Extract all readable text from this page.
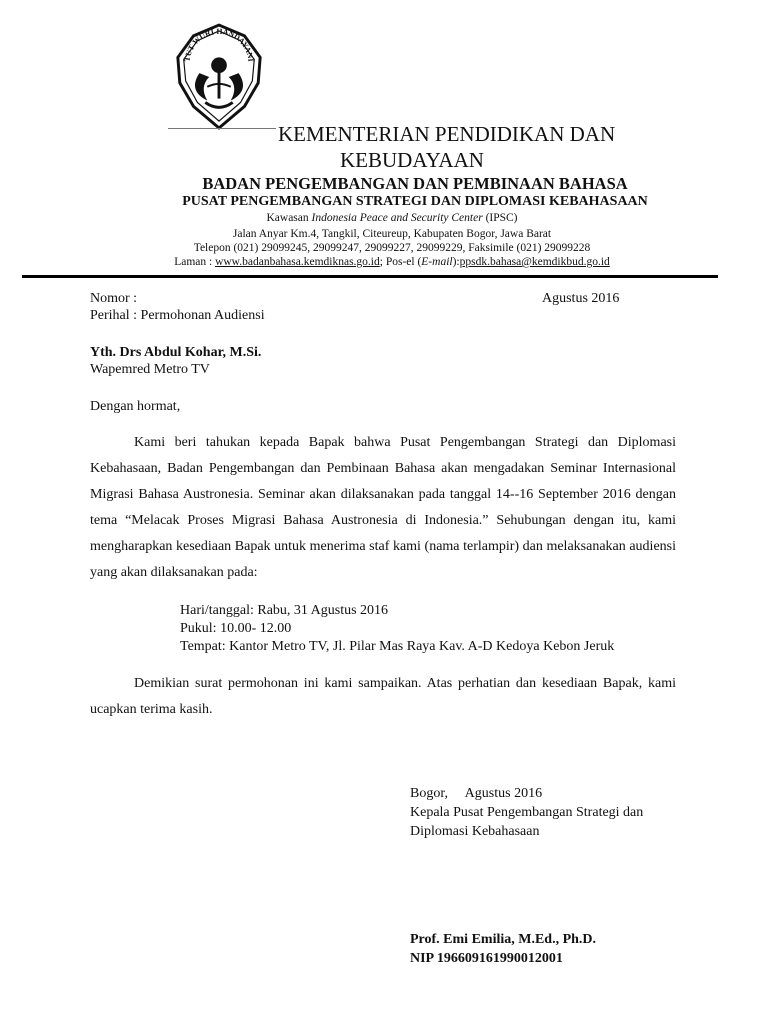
TUT WURI HANDAYANI
KEMENTERIAN PENDIDIKAN DAN
KEBUDAYAAN
BADAN PENGEMBANGAN DAN PEMBINAAN BAHASA
PUSAT PENGEMBANGAN STRATEGI DAN DIPLOMASI KEBAHASAAN
Kawasan Indonesia Peace and Security Center (IPSC)
Jalan Anyar Km.4, Tangkil, Citeureup, Kabupaten Bogor, Jawa Barat
Telepon (021) 29099245, 29099247, 29099227, 29099229, Faksimile (021) 29099228
Laman : www.badanbahasa.kemdiknas.go.id; Pos-el (E-mail):ppsdk.bahasa@kemdikbud.go.id
Nomor :	Agustus 2016
Perihal : Permohonan Audiensi
Yth. Drs Abdul Kohar, M.Si.
Wapemred Metro TV
Dengan hormat,
Kami beri tahukan kepada Bapak bahwa Pusat Pengembangan Strategi dan Diplomasi Kebahasaan, Badan Pengembangan dan Pembinaan Bahasa akan mengadakan Seminar Internasional Migrasi Bahasa Austronesia. Seminar akan dilaksanakan pada tanggal 14--16 September 2016 dengan tema “Melacak Proses Migrasi Bahasa Austronesia di Indonesia.” Sehubungan dengan itu, kami mengharapkan kesediaan Bapak untuk menerima staf kami (nama terlampir) dan melaksanakan audiensi yang akan dilaksanakan pada:
Hari/tanggal: Rabu, 31 Agustus 2016
Pukul: 10.00- 12.00
Tempat: Kantor Metro TV, Jl. Pilar Mas Raya Kav. A-D Kedoya Kebon Jeruk
Demikian surat permohonan ini kami sampaikan. Atas perhatian dan kesediaan Bapak, kami ucapkan terima kasih.
Bogor,     Agustus 2016
Kepala Pusat Pengembangan Strategi dan
Diplomasi Kebahasaan
Prof. Emi Emilia, M.Ed., Ph.D.
NIP 196609161990012001
